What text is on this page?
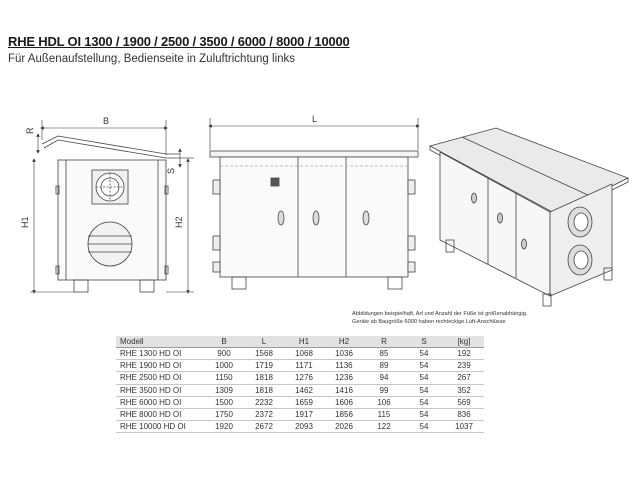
RHE HDL OI 1300 / 1900 / 2500 / 3500 / 6000 / 8000 / 10000
Für Außenaufstellung, Bedienseite in Zuluftrichtung links
B	L
R
H1	H2
S
Abbildungen beispielhaft, Art und Anzahl der Füße ist größenabhängig.
Geräte ab Baugröße 6000 haben rechteckige Luft-Anschlüsse
Modell	B	L	H1	H2	R	S	[kg]
RHE 1300 HD OI	900	1568	1068	1036	85	54	192
RHE 1900 HD OI	1000	1719	1171	1136	89	54	239
RHE 2500 HD OI	1150	1818	1276	1236	94	54	267
RHE 3500 HD OI	1309	1818	1462	1416	99	54	352
RHE 6000 HD OI	1500	2232	1659	1606	106	54	569
RHE 8000 HD OI	1750	2372	1917	1856	115	54	836
RHE 10000 HD OI	1920	2672	2093	2026	122	54	1037
